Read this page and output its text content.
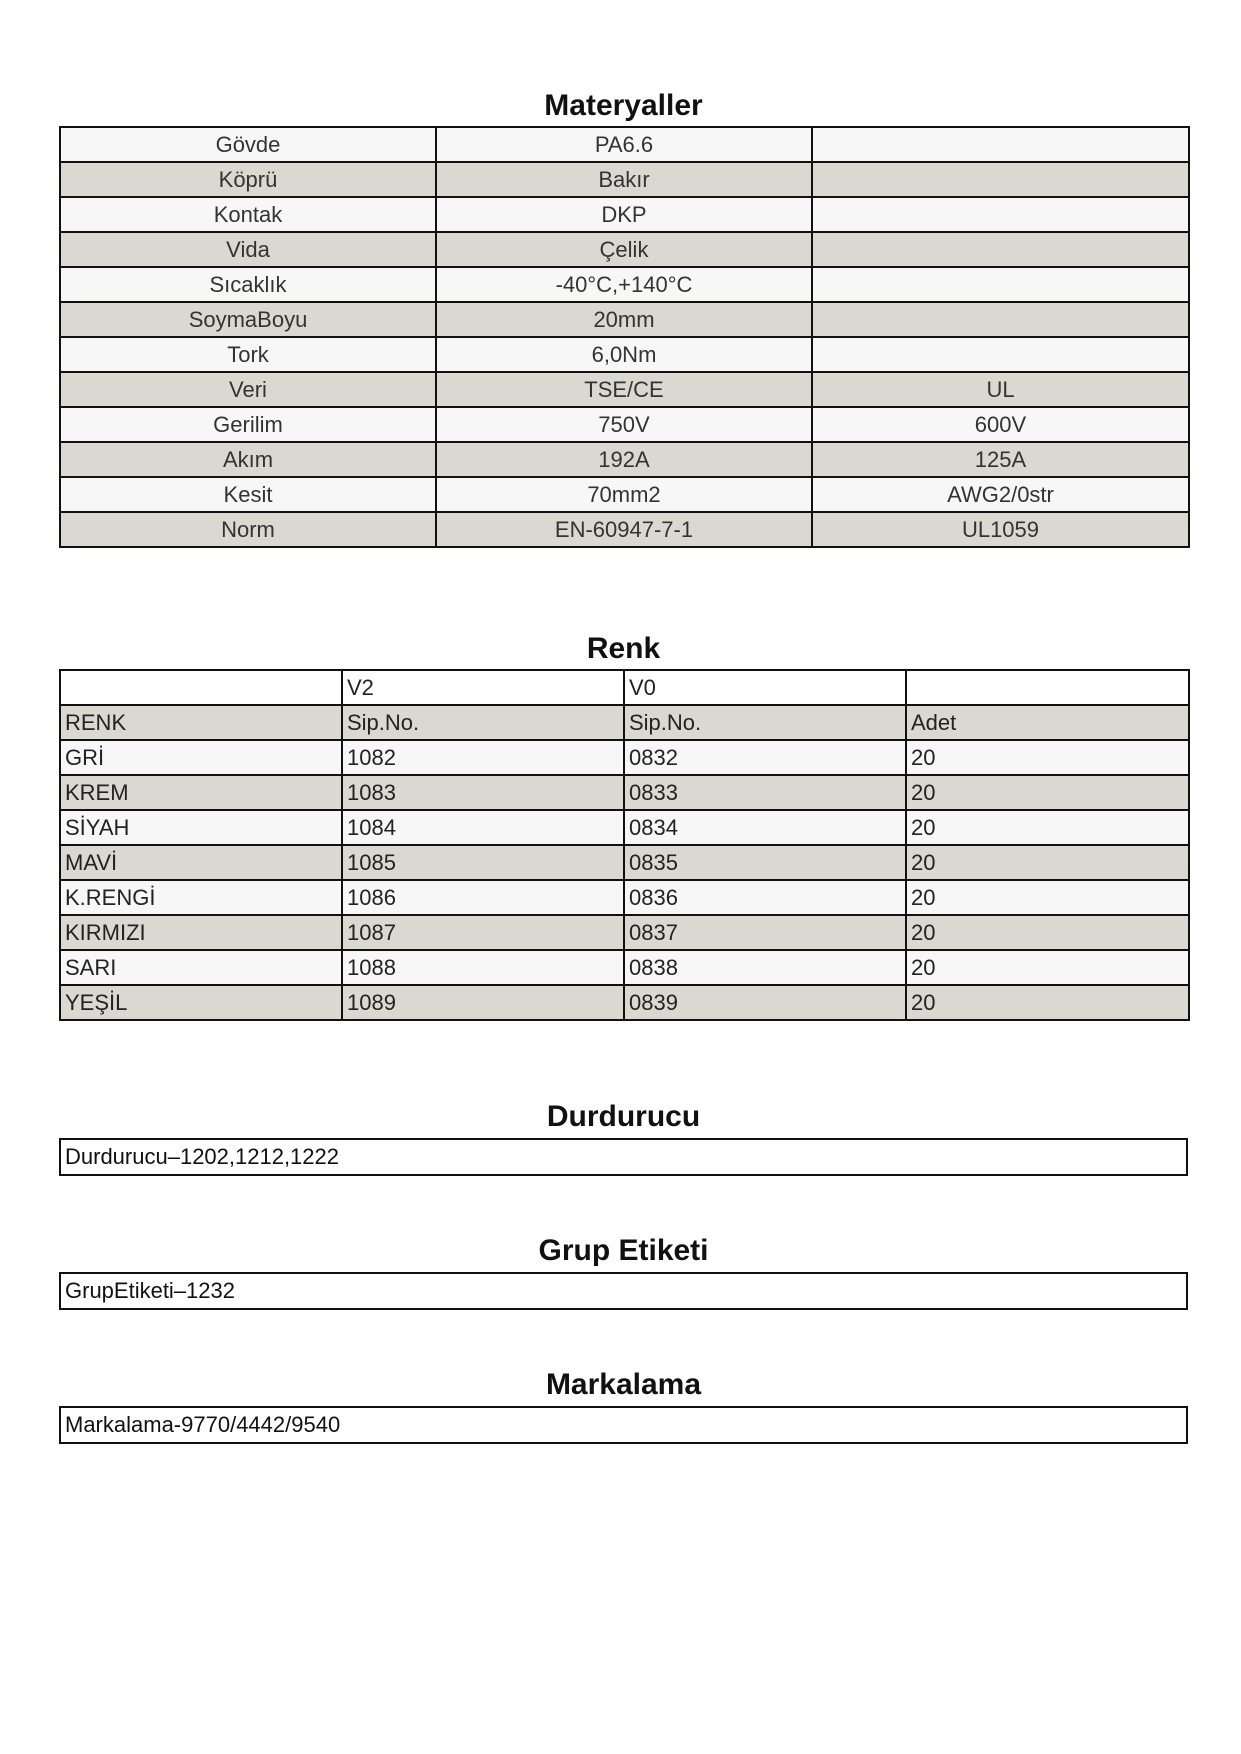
Materyaller
Gövde	PA6.6	
Köprü	Bakır	
Kontak	DKP	
Vida	Çelik	
Sıcaklık	-40°C,+140°C	
SoymaBoyu	20mm	
Tork	6,0Nm	
Veri	TSE/CE	UL
Gerilim	750V	600V
Akım	192A	125A
Kesit	70mm2	AWG2/0str
Norm	EN-60947-7-1	UL1059
Renk
	V2	V0	
RENK	Sip.No.	Sip.No.	Adet
GRİ	1082	0832	20
KREM	1083	0833	20
SİYAH	1084	0834	20
MAVİ	1085	0835	20
K.RENGİ	1086	0836	20
KIRMIZI	1087	0837	20
SARI	1088	0838	20
YEŞİL	1089	0839	20
Durdurucu
Durdurucu–1202,1212,1222
Grup Etiketi
GrupEtiketi–1232
Markalama
Markalama-9770/4442/9540
